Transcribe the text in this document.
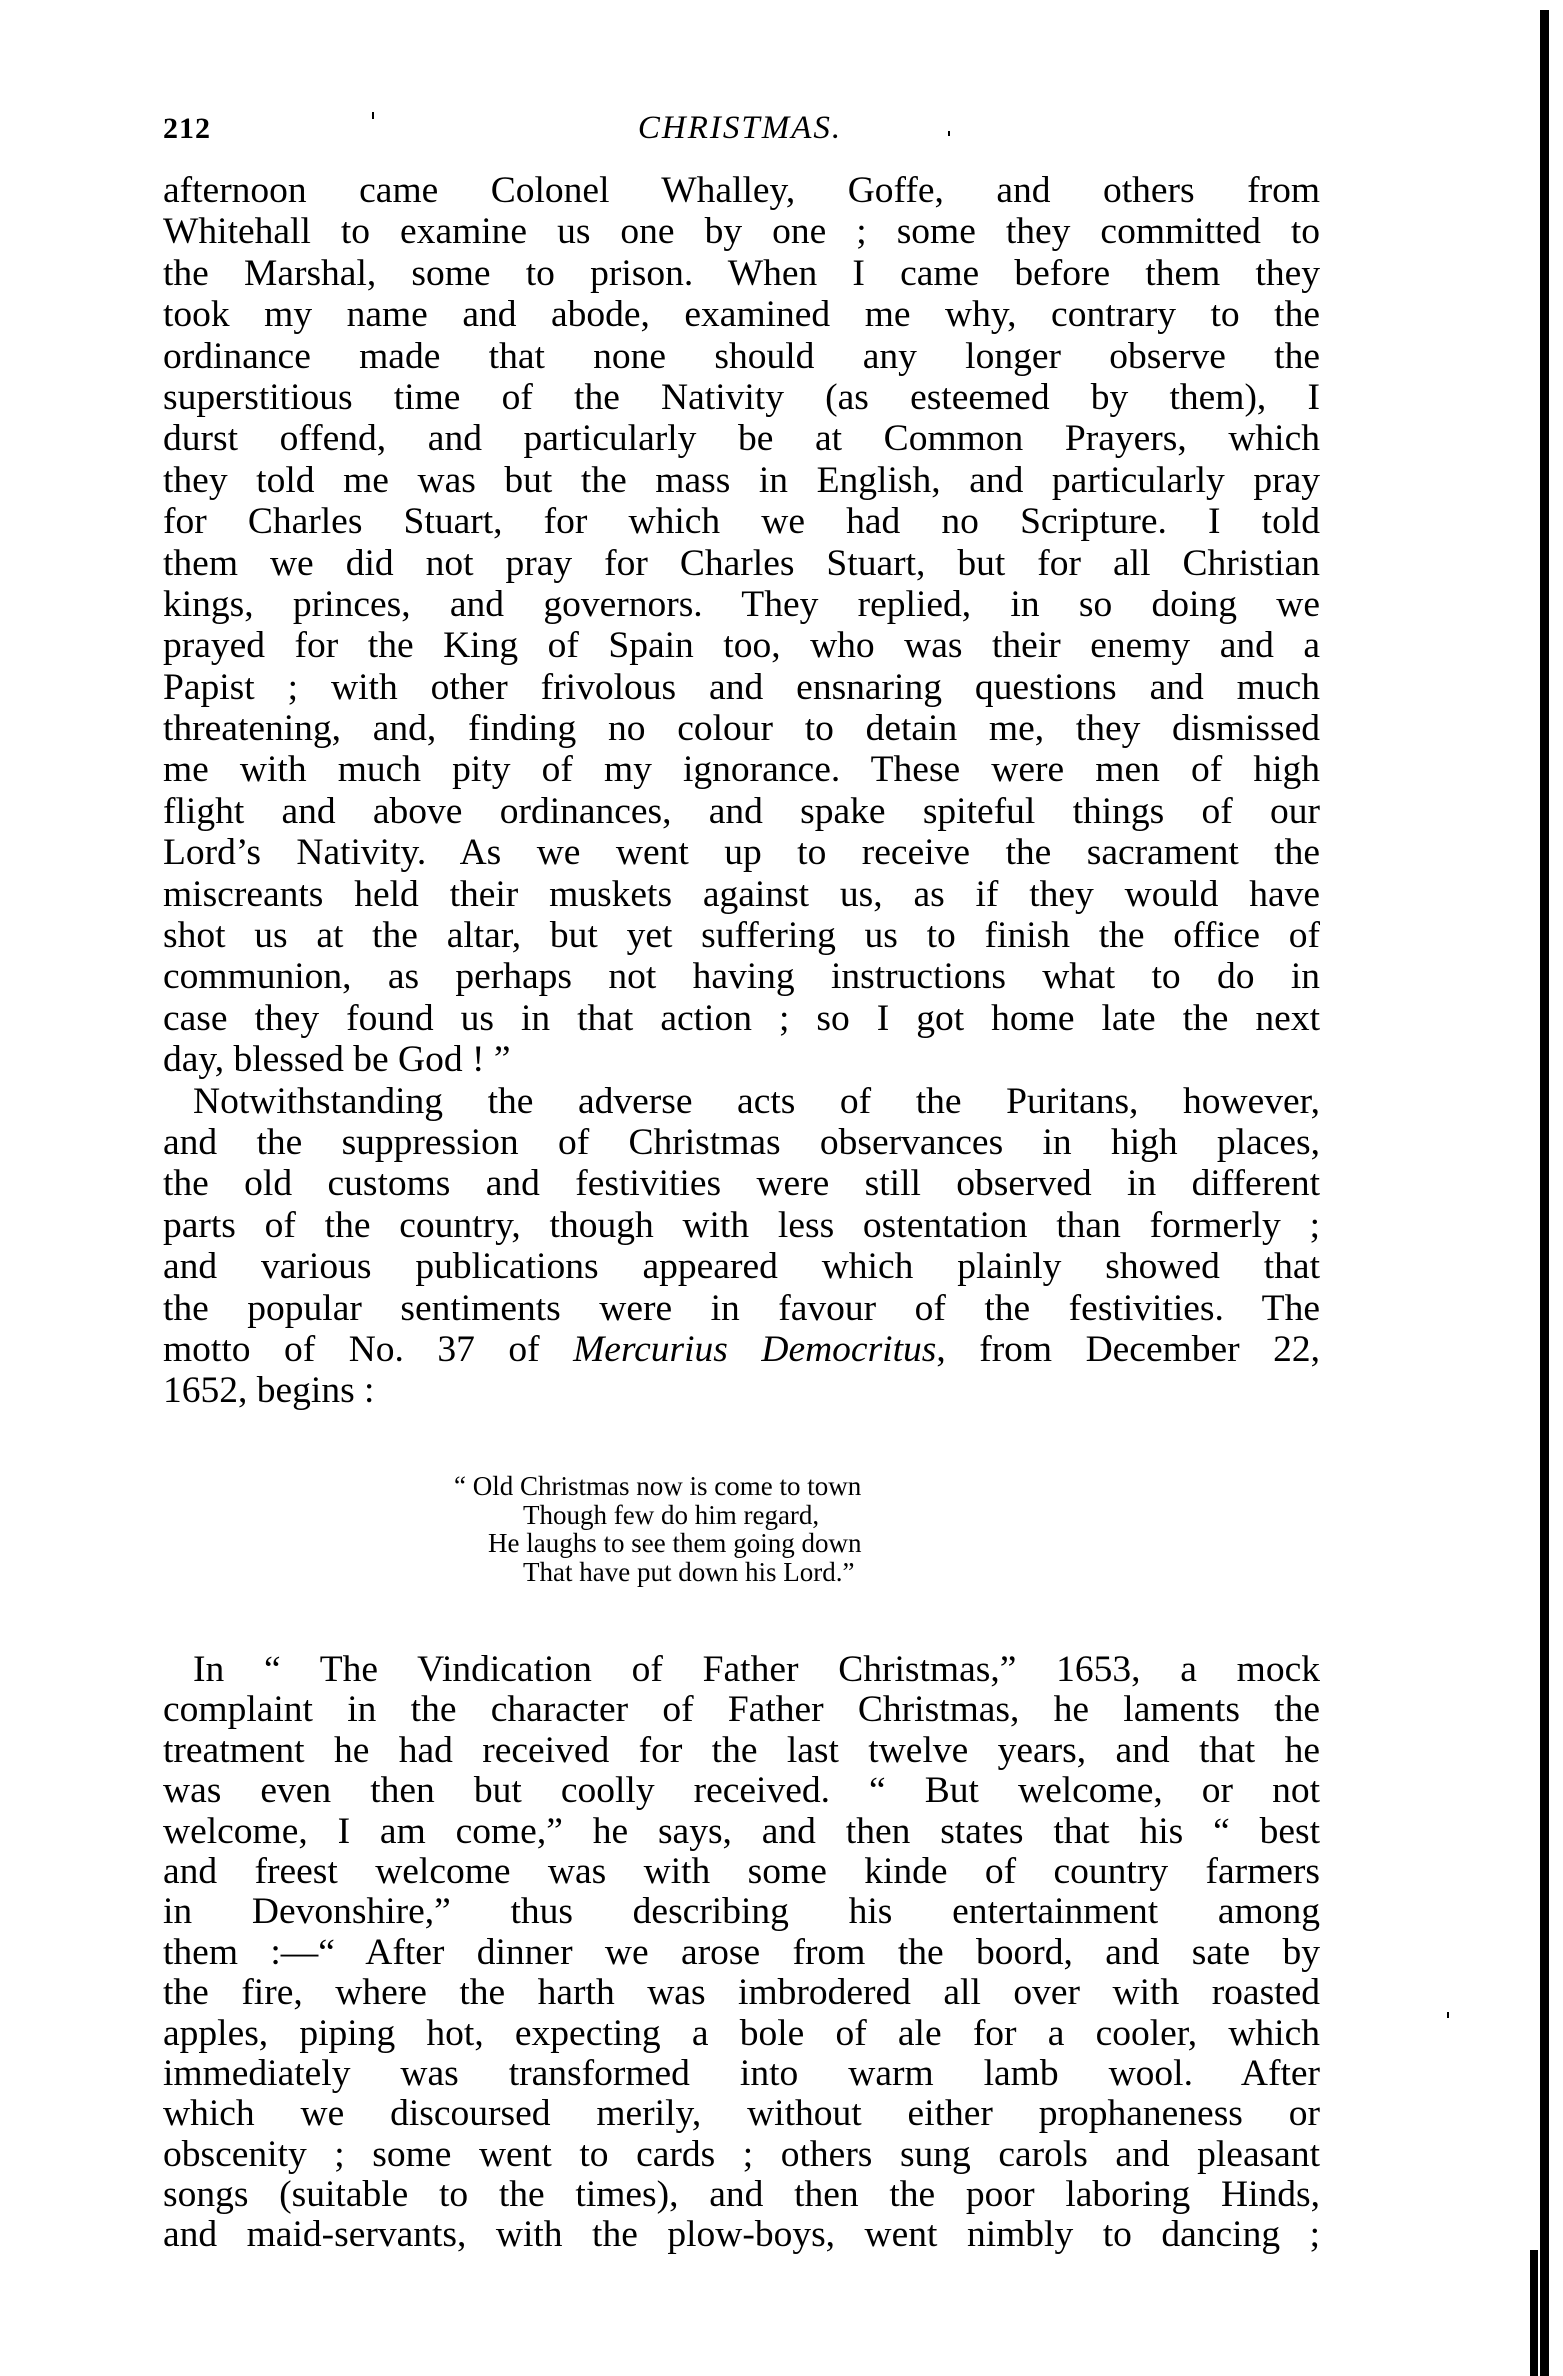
212	CHRISTMAS.
afternoon came Colonel Whalley, Goffe, and others from
Whitehall to examine us one by one ; some they committed to
the Marshal, some to prison. When I came before them they
took my name and abode, examined me why, contrary to the
ordinance made that none should any longer observe the
superstitious time of the Nativity (as esteemed by them), I
durst offend, and particularly be at Common Prayers, which
they told me was but the mass in English, and particularly pray
for Charles Stuart, for which we had no Scripture. I told
them we did not pray for Charles Stuart, but for all Christian
kings, princes, and governors. They replied, in so doing we
prayed for the King of Spain too, who was their enemy and a
Papist ; with other frivolous and ensnaring questions and much
threatening, and, finding no colour to detain me, they dismissed
me with much pity of my ignorance. These were men of high
flight and above ordinances, and spake spiteful things of our
Lord’s Nativity. As we went up to receive the sacrament the
miscreants held their muskets against us, as if they would have
shot us at the altar, but yet suffering us to finish the office of
communion, as perhaps not having instructions what to do in
case they found us in that action ; so I got home late the next
day, blessed be God ! ”
Notwithstanding the adverse acts of the Puritans, however,
and the suppression of Christmas observances in high places,
the old customs and festivities were still observed in different
parts of the country, though with less ostentation than formerly ;
and various publications appeared which plainly showed that
the popular sentiments were in favour of the festivities. The
motto of No. 37 of Mercurius Democritus, from December 22,
1652, begins :
“ Old Christmas now is come to town
Though few do him regard,
He laughs to see them going down
That have put down his Lord.”
In “ The Vindication of Father Christmas,” 1653, a mock
complaint in the character of Father Christmas, he laments the
treatment he had received for the last twelve years, and that he
was even then but coolly received. “ But welcome, or not
welcome, I am come,” he says, and then states that his “ best
and freest welcome was with some kinde of country farmers
in Devonshire,” thus describing his entertainment among
them :—“ After dinner we arose from the boord, and sate by
the fire, where the harth was imbrodered all over with roasted
apples, piping hot, expecting a bole of ale for a cooler, which
immediately was transformed into warm lamb wool. After
which we discoursed merily, without either prophaneness or
obscenity ; some went to cards ; others sung carols and pleasant
songs (suitable to the times), and then the poor laboring Hinds,
and maid-servants, with the plow-boys, went nimbly to dancing ;
